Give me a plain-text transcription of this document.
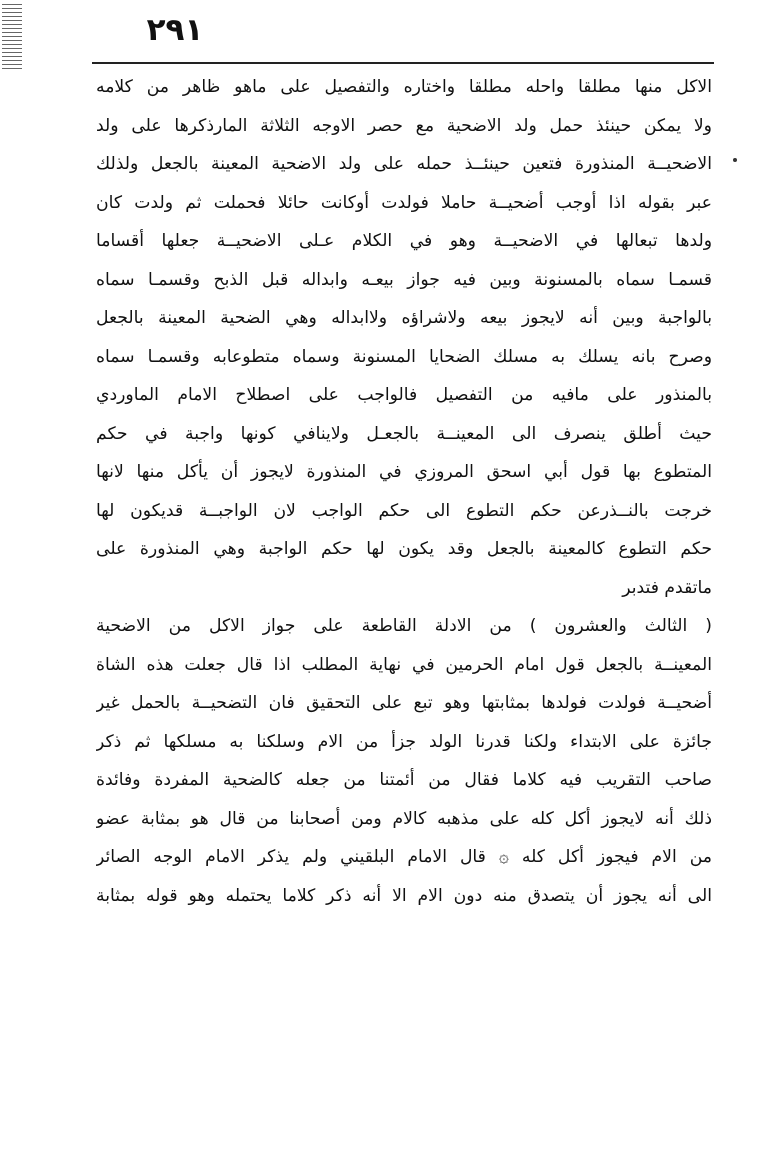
٢٩١
الاكل منها مطلقا واحله مطلقا واختاره والتفصيل على ماهو ظاهر من كلامه
ولا يمكن حينئذ حمل ولد الاضحية مع حصر الاوجه الثلاثة المارذكرها على ولد
الاضحيــة المنذورة فتعين حينئــذ حمله على ولد الاضحية المعينة بالجعل ولذلك
عبر بقوله اذا أوجب أضحيــة حاملا فولدت أوكانت حائلا فحملت ثم ولدت كان
ولدها تبعالها في الاضحيــة وهو في الكلام عـلى الاضحيــة جعلها أقساما
قسمـا سماه بالمسنونة وبين فيه جواز بيعـه وابداله قبل الذبح وقسمـا سماه
بالواجبة وبين أنه لايجوز بيعه ولاشراؤه ولاابداله وهي الضحية المعينة بالجعل
وصرح بانه يسلك به مسلك الضحايا المسنونة وسماه متطوعابه وقسمـا سماه
بالمنذور على مافيه من التفصيل فالواجب على اصطلاح الامام الماوردي
حيث أطلق ينصرف الى المعينــة بالجعـل ولاينافي كونها واجبة في حكم
المتطوع بها قول أبي اسحق المروزي في المنذورة لايجوز أن يأكل منها لانها
خرجت بالنــذرعن حكم التطوع الى حكم الواجب لان الواجبــة قديكون لها
حكم التطوع كالمعينة بالجعل وقد يكون لها حكم الواجبة وهي المنذورة على
ماتقدم فتدبر
( الثالث والعشرون ) من الادلة القاطعة على جواز الاكل من الاضحية
المعينــة بالجعل قول امام الحرمين في نهاية المطلب اذا قال جعلت هذه الشاة
أضحيــة فولدت فولدها بمثابتها وهو تبع على التحقيق فان التضحيــة بالحمل غير
جائزة على الابتداء ولكنا قدرنا الولد جزأ من الام وسلكنا به مسلكها ثم ذكر
صاحب التقريب فيه كلاما فقال من أئمتنا من جعله كالضحية المفردة وفائدة
ذلك أنه لايجوز أكل كله على مذهبه كالام ومن أصحابنا من قال هو بمثابة عضو
من الام فيجوز أكل كله ۞ قال الامام البلقيني ولم يذكر الامام الوجه الصائر
الى أنه يجوز أن يتصدق منه دون الام الا أنه ذكر كلاما يحتمله وهو قوله بمثابة
